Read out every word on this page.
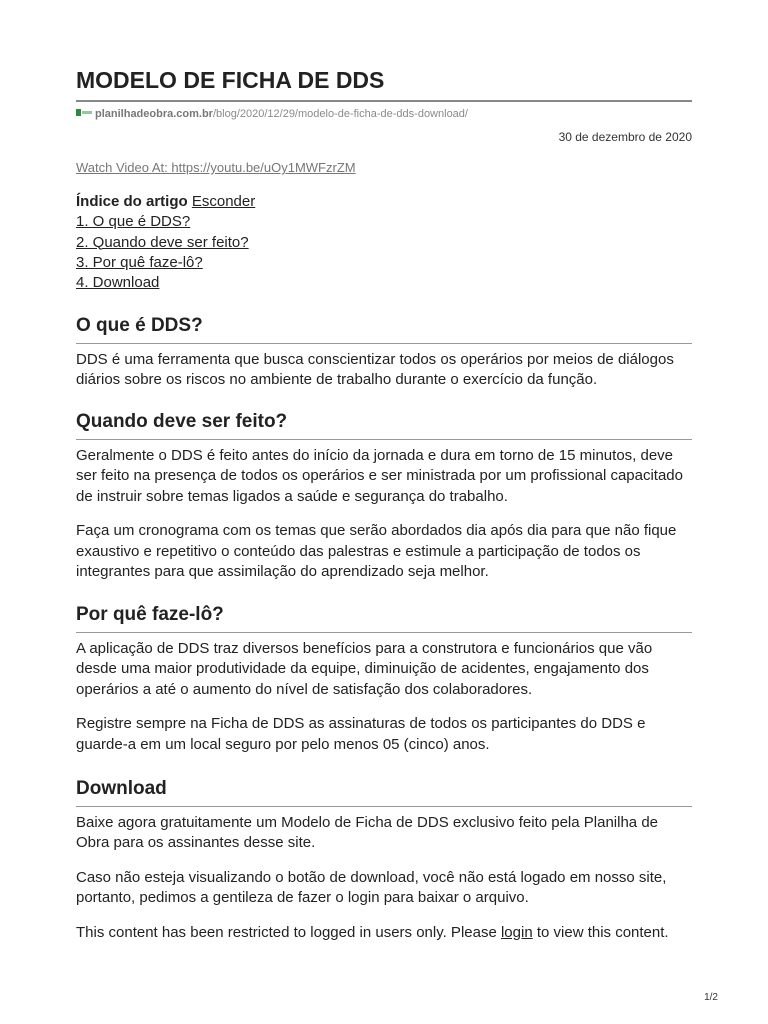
MODELO DE FICHA DE DDS
planilhadeobra.com.br/blog/2020/12/29/modelo-de-ficha-de-dds-download/
30 de dezembro de 2020
Watch Video At: https://youtu.be/uOy1MWFzrZM
Índice do artigo Esconder
1. O que é DDS?
2. Quando deve ser feito?
3. Por quê faze-lô?
4. Download
O que é DDS?

DDS é uma ferramenta que busca conscientizar todos os operários por meios de diálogos diários sobre os riscos no ambiente de trabalho durante o exercício da função.

Quando deve ser feito?

Geralmente o DDS é feito antes do início da jornada e dura em torno de 15 minutos, deve ser feito na presença de todos os operários e ser ministrada por um profissional capacitado de instruir sobre temas ligados a saúde e segurança do trabalho.

Faça um cronograma com os temas que serão abordados dia após dia para que não fique exaustivo e repetitivo o conteúdo das palestras e estimule a participação de todos os integrantes para que assimilação do aprendizado seja melhor.

Por quê faze-lô?

A aplicação de DDS traz diversos benefícios para a construtora e funcionários que vão desde uma maior produtividade da equipe, diminuição de acidentes, engajamento dos operários a até o aumento do nível de satisfação dos colaboradores.

Registre sempre na Ficha de DDS as assinaturas de todos os participantes do DDS e guarde-a em um local seguro por pelo menos 05 (cinco) anos.

Download

Baixe agora gratuitamente um Modelo de Ficha de DDS exclusivo feito pela Planilha de Obra para os assinantes desse site.

Caso não esteja visualizando o botão de download, você não está logado em nosso site, portanto, pedimos a gentileza de fazer o login para baixar o arquivo.

This content has been restricted to logged in users only. Please login to view this content.

1/2
